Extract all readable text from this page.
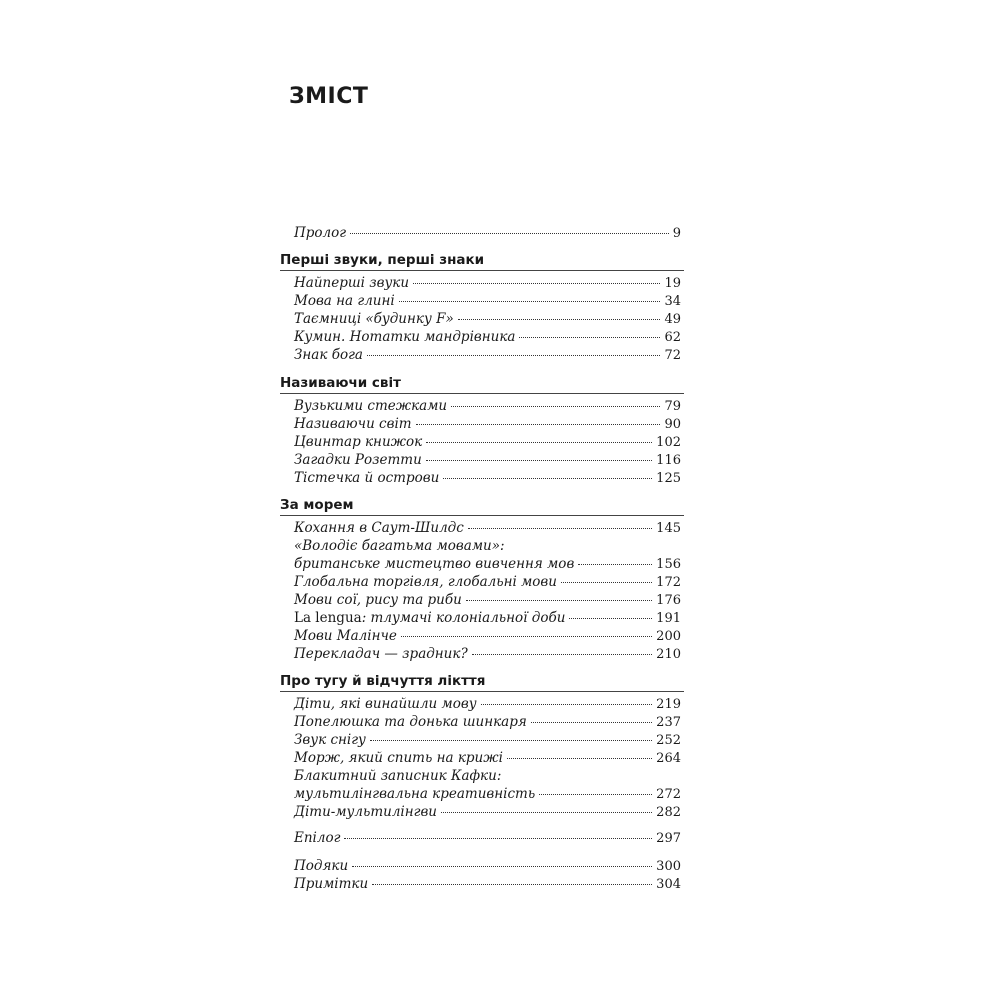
ЗМІСТ
Пролог	9
Перші звуки, перші знаки
Найперші звуки	19
Мова на глині	34
Таємниці «будинку F»	49
Кумин. Нотатки мандрівника	62
Знак бога	72
Називаючи світ
Вузькими стежками	79
Називаючи світ	90
Цвинтар книжок	102
Загадки Розетти	116
Тістечка й острови	125
За морем
Кохання в Саут-Шилдс	145
«Володіє багатьма мовами»:
британське мистецтво вивчення мов	156
Глобальна торгівля, глобальні мови	172
Мови сої, рису та риби	176
La lengua : тлумачі колоніальної доби	191
Мови Малінче	200
Перекладач — зрадник?	210
Про тугу й відчуття лікття
Діти, які винайшли мову	219
Попелюшка та донька шинкаря	237
Звук снігу	252
Морж, який спить на крижі	264
Блакитний записник Кафки:
мультилінгвальна креативність	272
Діти-мультилінгви	282
Епілог	297
Подяки	300
Примітки	304
